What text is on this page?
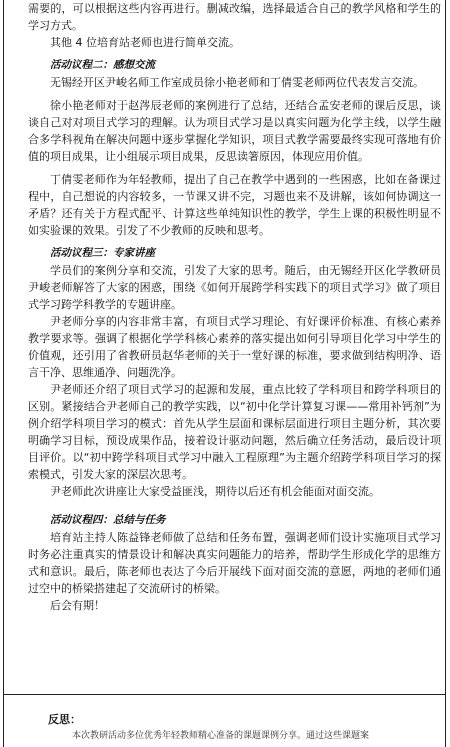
需要的，可以根据这些内容再进行。删减改编，选择最适合自己的教学风格和学生的学习方式。

其他 4 位培育站老师也进行简单交流。

活动议程二：感想交流

无锡经开区尹峻名师工作室成员徐小艳老师和丁倩雯老师两位代表发言交流。

徐小艳老师对于赵涔辰老师的案例进行了总结，还结合孟安老师的课后反思，谈谈自己对对项目式学习的理解。认为项目式学习是以真实问题为化学主线，以学生融合多学科视角在解决问题中逐步掌握化学知识，项目式教学需要最终实现可落地有价值的项目成果，让小组展示项目成果，反思读箸原因，体现应用价值。

丁倩雯老师作为年轻教师，提出了自己在教学中遇到的一些困惑，比如在备课过程中，自己想说的内容较多，一节课又讲不完，习题也来不及讲解，该如何协调这一矛盾？还有关于方程式配平、计算这些单纯知识性的教学，学生上课的积极性明显不如实验课的效果。引发了不少教师的反映和思考。

活动议程三：专家讲座

学员们的案例分享和交流，引发了大家的思考。随后，由无锡经开区化学教研员尹峻老师解答了大家的困惑，围绕《如何开展跨学科实践下的项目式学习》做了项目式学习跨学科教学的专题讲座。

尹老师分享的内容非常丰富，有项目式学习理论、有好课评价标准、有核心素养教学要求等。强调了根据化学学科核心素养的落实提出如何引导项目化学习中学生的价值观，还引用了省教研员赵华老师的关于一堂好课的标准，要求做到结构明净、语言干净、思维通净、问题洗净。

尹老师还介绍了项目式学习的起源和发展，重点比较了学科项目和跨学科项目的区别。紧接结合尹老师自己的教学实践，以“初中化学计算复习课——常用补钙剂”为例介绍学科项目学习的模式：首先从学生层面和课标层面进行项目主题分析，其次要明确学习目标，预设成果作品，接着设计驱动问题，然后确立任务活动，最后设计项目评价。以“初中跨学科项目式学习中融入工程原理”为主题介绍跨学科项目学习的探索模式，引发大家的深层次思考。

尹老师此次讲座让大家受益匪浅，期待以后还有机会能面对面交流。

活动议程四：总结与任务

培育站主持人陈益锋老师做了总结和任务布置，强调老师们设计实施项目式学习时务必注重真实的情景设计和解决真实问题能力的培养，帮助学生形成化学的思维方式和意识。最后，陈老师也表达了今后开展线下面对面交流的意愿，两地的老师们通过空中的桥梁搭建起了交流研讨的桥梁。

后会有期！

反思：

本次教研活动多位优秀年轻教师精心准备的课题课例分享。通过这些课题案
